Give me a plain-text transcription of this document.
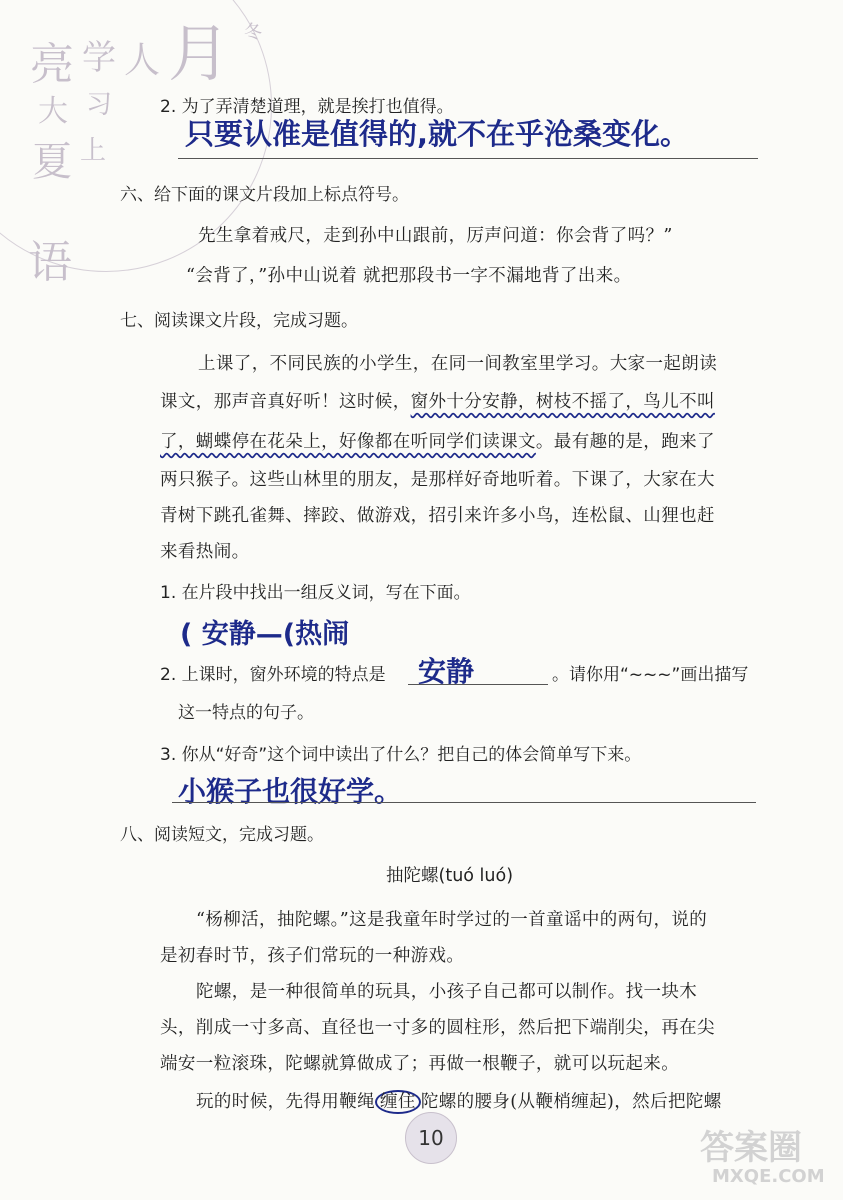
亮 学 人 月 冬
大 习
夏 上
语
2. 为了弄清楚道理，就是挨打也值得。
只要认准是值得的,就不在乎沧桑变化。
六、给下面的课文片段加上标点符号。
先生拿着戒尺，走到孙中山跟前，厉声问道：你会背了吗？”
“会背了，”孙中山说着 就把那段书一字不漏地背了出来。
七、阅读课文片段，完成习题。
上课了，不同民族的小学生，在同一间教室里学习。大家一起朗读
课文，那声音真好听！这时候，窗外十分安静，树枝不摇了，鸟儿不叫
了，蝴蝶停在花朵上，好像都在听同学们读课文。最有趣的是，跑来了
两只猴子。这些山林里的朋友，是那样好奇地听着。下课了，大家在大
青树下跳孔雀舞、摔跤、做游戏，招引来许多小鸟，连松鼠、山狸也赶
来看热闹。
1. 在片段中找出一组反义词，写在下面。
( 安静—(热闹
2. 上课时，窗外环境的特点是 安静	。请你用“~~~”画出描写
这一特点的句子。
3. 你从“好奇”这个词中读出了什么？把自己的体会简单写下来。
小猴子也很好学。
八、阅读短文，完成习题。
抽陀螺(tuó luó)
“杨柳活，抽陀螺。”这是我童年时学过的一首童谣中的两句，说的
是初春时节，孩子们常玩的一种游戏。
陀螺，是一种很简单的玩具，小孩子自己都可以制作。找一块木
头，削成一寸多高、直径也一寸多的圆柱形，然后把下端削尖，再在尖
端安一粒滚珠，陀螺就算做成了；再做一根鞭子，就可以玩起来。
玩的时候，先得用鞭绳 缠住 陀螺的腰身(从鞭梢缠起)，然后把陀螺
10	答案圈
MXQE.COM
